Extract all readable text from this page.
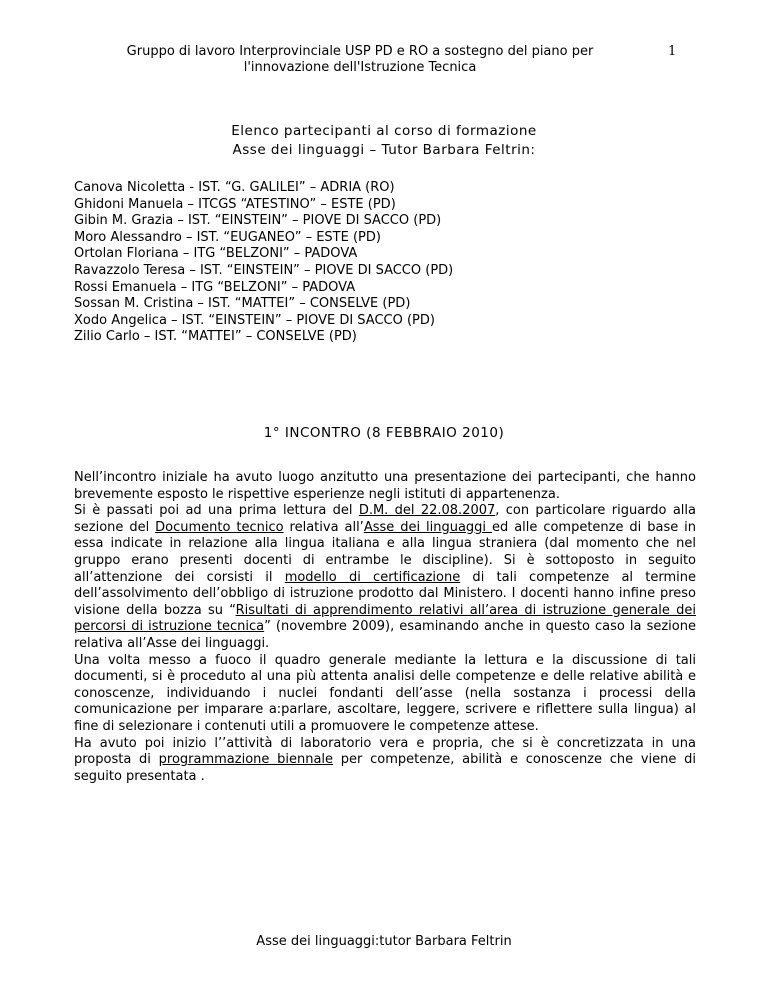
Gruppo di lavoro Interprovinciale USP PD e RO a sostegno del piano per
l'innovazione dell'Istruzione Tecnica
1
Elenco partecipanti al corso di formazione
Asse dei linguaggi – Tutor Barbara Feltrin:
Canova Nicoletta - IST. “G. GALILEI” – ADRIA (RO)
Ghidoni Manuela – ITCGS “ATESTINO” – ESTE (PD)
Gibin M. Grazia – IST. “EINSTEIN” – PIOVE DI SACCO (PD)
Moro Alessandro – IST. “EUGANEO” – ESTE (PD)
Ortolan Floriana – ITG “BELZONI” – PADOVA
Ravazzolo Teresa – IST. “EINSTEIN” – PIOVE DI SACCO (PD)
Rossi Emanuela – ITG “BELZONI” – PADOVA
Sossan M. Cristina – IST. “MATTEI” – CONSELVE (PD)
Xodo Angelica – IST. “EINSTEIN” – PIOVE DI SACCO (PD)
Zilio Carlo – IST. “MATTEI” – CONSELVE (PD)
1° INCONTRO (8 FEBBRAIO 2010)

Nell’incontro iniziale ha avuto luogo anzitutto una presentazione dei partecipanti, che hanno brevemente esposto le rispettive esperienze negli istituti di appartenenza.

Si è passati poi ad una prima lettura del D.M. del 22.08.2007, con particolare riguardo alla sezione del Documento tecnico relativa all’Asse dei linguaggi ed alle competenze di base in essa indicate in relazione alla lingua italiana e alla lingua straniera (dal momento che nel gruppo erano presenti docenti di entrambe le discipline). Si è sottoposto in seguito all’attenzione dei corsisti il modello di certificazione di tali competenze al termine dell’assolvimento dell’obbligo di istruzione prodotto dal Ministero. I docenti hanno infine preso visione della bozza su “Risultati di apprendimento relativi all’area di istruzione generale dei percorsi di istruzione tecnica” (novembre 2009), esaminando anche in questo caso la sezione relativa all’Asse dei linguaggi.

Una volta messo a fuoco il quadro generale mediante la lettura e la discussione di tali documenti, si è proceduto al una più attenta analisi delle competenze e delle relative abilità e conoscenze, individuando i nuclei fondanti dell’asse (nella sostanza i processi della comunicazione per imparare a:parlare, ascoltare, leggere, scrivere e riflettere sulla lingua) al fine di selezionare i contenuti utili a promuovere le competenze attese.

Ha avuto poi inizio l’’attività di laboratorio vera e propria, che si è concretizzata in una proposta di programmazione biennale per competenze, abilità e conoscenze che viene di seguito presentata .

Asse dei linguaggi:tutor Barbara Feltrin
